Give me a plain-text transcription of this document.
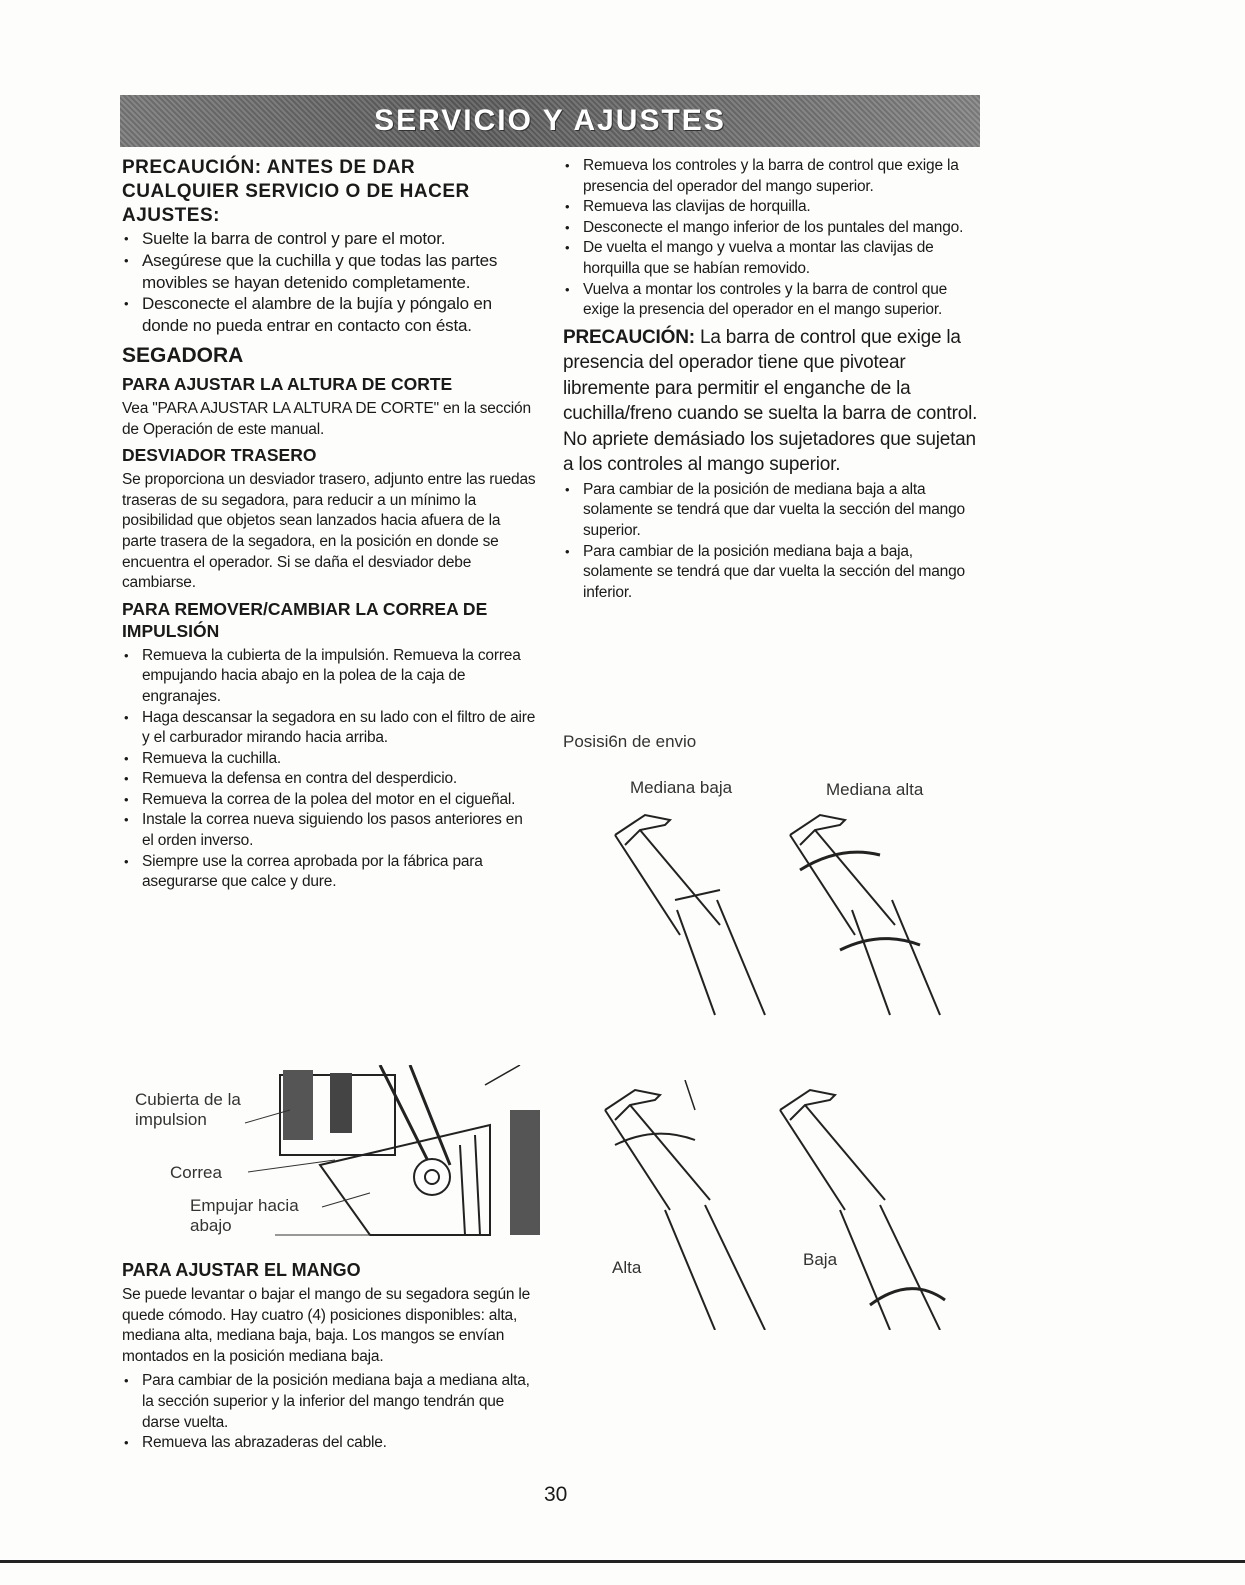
SERVICIO Y AJUSTES
PRECAUCIÓN: ANTES DE DAR CUALQUIER SERVICIO O DE HACER AJUSTES:
• Suelte la barra de control y pare el motor.
• Asegúrese que la cuchilla y que todas las partes movibles se hayan detenido completamente.
• Desconecte el alambre de la bujía y póngalo en donde no pueda entrar en contacto con ésta.
SEGADORA
PARA AJUSTAR LA ALTURA DE CORTE

Vea "PARA AJUSTAR LA ALTURA DE CORTE" en la sección de Operación de este manual.

DESVIADOR TRASERO

Se proporciona un desviador trasero, adjunto entre las ruedas traseras de su segadora, para reducir a un mínimo la posibilidad que objetos sean lanzados hacia afuera de la parte trasera de la segadora, en la posición en donde se encuentra el operador. Si se daña el desviador debe cambiarse.

PARA REMOVER/CAMBIAR LA CORREA DE IMPULSIÓN
• Remueva la cubierta de la impulsión. Remueva la correa empujando hacia abajo en la polea de la caja de engranajes.
• Haga descansar la segadora en su lado con el filtro de aire y el carburador mirando hacia arriba.
• Remueva la cuchilla.
• Remueva la defensa en contra del desperdicio.
• Remueva la correa de la polea del motor en el cigueñal.
• Instale la correa nueva siguiendo los pasos anteriores en el orden inverso.
• Siempre use la correa aprobada por la fábrica para asegurarse que calce y dure.
Cubierta de la impulsion
Correa
Empujar hacia abajo
PARA AJUSTAR EL MANGO

Se puede levantar o bajar el mango de su segadora según le quede cómodo. Hay cuatro (4) posiciones disponibles: alta, mediana alta, mediana baja, baja. Los mangos se envían montados en la posición mediana baja.

• Para cambiar de la posición mediana baja a mediana alta, la sección superior y la inferior del mango tendrán que darse vuelta.
• Remueva las abrazaderas del cable.
• Remueva los controles y la barra de control que exige la presencia del operador del mango superior.
• Remueva las clavijas de horquilla.
• Desconecte el mango inferior de los puntales del mango.
• De vuelta el mango y vuelva a montar las clavijas de horquilla que se habían removido.
• Vuelva a montar los controles y la barra de control que exige la presencia del operador en el mango superior.

PRECAUCIÓN: La barra de control que exige la presencia del operador tiene que pivotear libremente para permitir el enganche de la cuchilla/freno cuando se suelta la barra de control. No apriete demásiado los sujetadores que sujetan a los controles al mango superior.

• Para cambiar de la posición de mediana baja a alta solamente se tendrá que dar vuelta la sección del mango superior.
• Para cambiar de la posición mediana baja a baja, solamente se tendrá que dar vuelta la sección del mango inferior.
Posisi6n de envio
Mediana baja	Mediana alta
Alta	Baja
30
